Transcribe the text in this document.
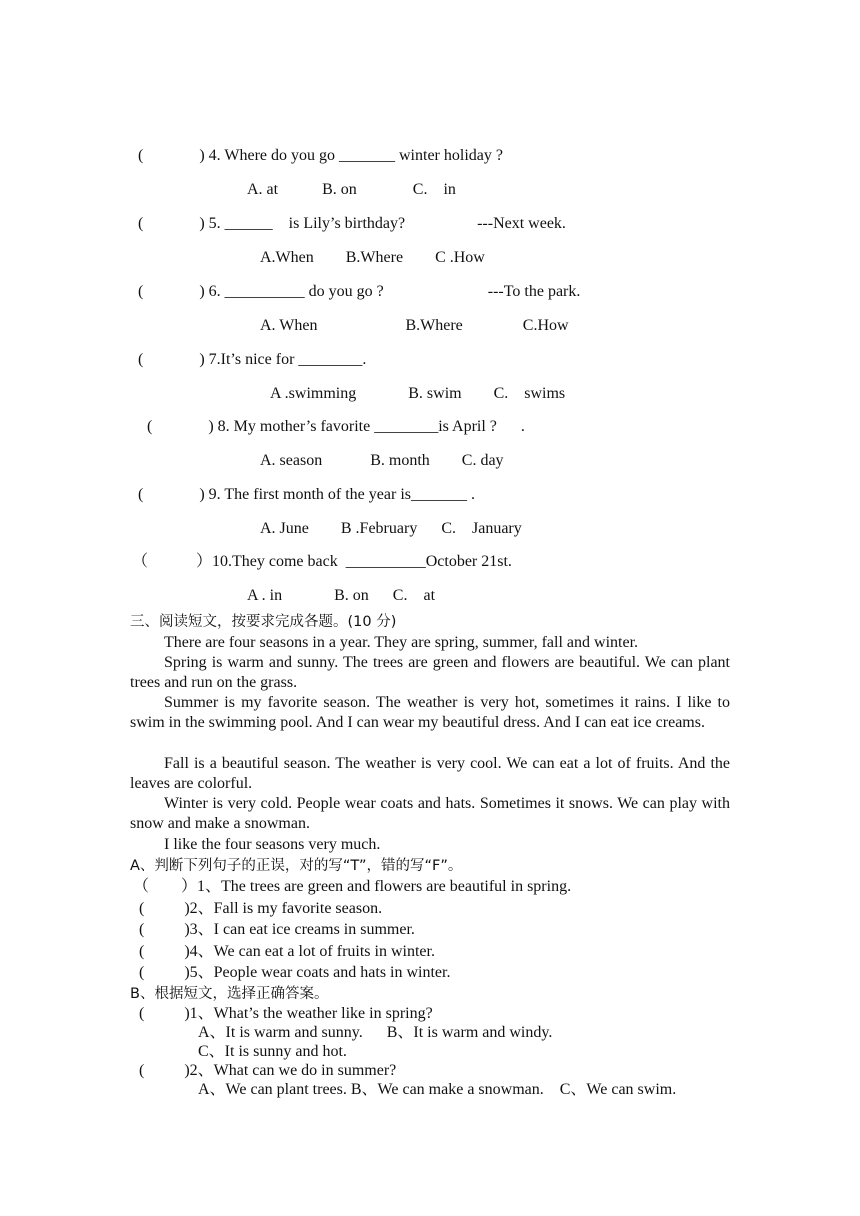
(              ) 4. Where do you go _______ winter holiday ?
A. at           B. on              C.    in
(              ) 5. ______    is Lily’s birthday?                  ---Next week.
A.When        B.Where        C .How
(              ) 6. __________ do you go ?                          ---To the park.
A. When                      B.Where               C.How
(              ) 7.It’s nice for ________.
A .swimming             B. swim        C.    swims
(              ) 8. My mother’s favorite ________is April ?      .
A. season            B. month        C. day
(              ) 9. The first month of the year is_______ .
A. June        B .February      C.    January
（            ）10.They come back  __________October 21st.
A . in             B. on      C.    at
三、阅读短文，按要求完成各题。(10 分)

There are four seasons in a year. They are spring, summer, fall and winter.

Spring is warm and sunny. The trees are green and flowers are beautiful. We can plant trees and run on the grass.

Summer is my favorite season. The weather is very hot, sometimes it rains. I like to swim in the swimming pool. And I can wear my beautiful dress. And I can eat ice creams.

Fall is a beautiful season. The weather is very cool. We can eat a lot of fruits. And the leaves are colorful.

Winter is very cold. People wear coats and hats. Sometimes it snows. We can play with snow and make a snowman.

I like the four seasons very much.

A、判断下列句子的正误，对的写“T”，错的写“F”。
（        ）1、The trees are green and flowers are beautiful in spring.
(          )2、Fall is my favorite season.
(          )3、I can eat ice creams in summer.
(          )4、We can eat a lot of fruits in winter.
(          )5、People wear coats and hats in winter.
B、根据短文，选择正确答案。
(          )1、What’s the weather like in spring?
A、It is warm and sunny.      B、It is warm and windy.
C、It is sunny and hot.
(          )2、What can we do in summer?
A、We can plant trees. B、We can make a snowman.    C、We can swim.
